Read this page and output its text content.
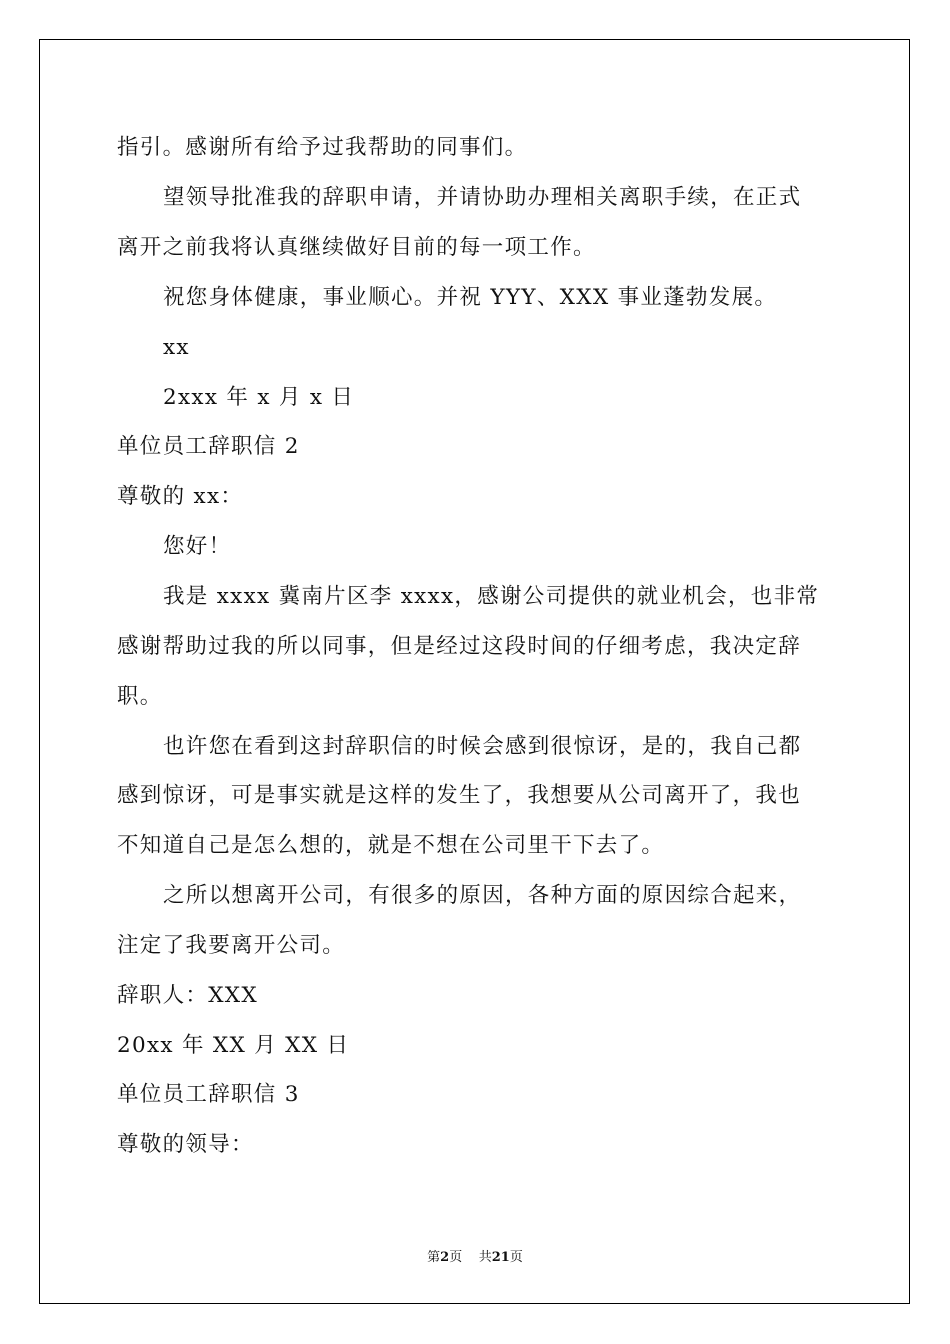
指引。感谢所有给予过我帮助的同事们。

望领导批准我的辞职申请，并请协助办理相关离职手续，在正式

离开之前我将认真继续做好目前的每一项工作。

祝您身体健康，事业顺心。并祝 YYY、XXX 事业蓬勃发展。

xx

2xxx 年 x 月 x 日

单位员工辞职信 2

尊敬的 xx：

您好！

我是 xxxx 冀南片区李 xxxx，感谢公司提供的就业机会，也非常

感谢帮助过我的所以同事，但是经过这段时间的仔细考虑，我决定辞

职。

也许您在看到这封辞职信的时候会感到很惊讶，是的，我自己都

感到惊讶，可是事实就是这样的发生了，我想要从公司离开了，我也

不知道自己是怎么想的，就是不想在公司里干下去了。

之所以想离开公司，有很多的原因，各种方面的原因综合起来，

注定了我要离开公司。

辞职人：XXX

20xx 年 XX 月 XX 日

单位员工辞职信 3

尊敬的领导：

第2页 共21页
